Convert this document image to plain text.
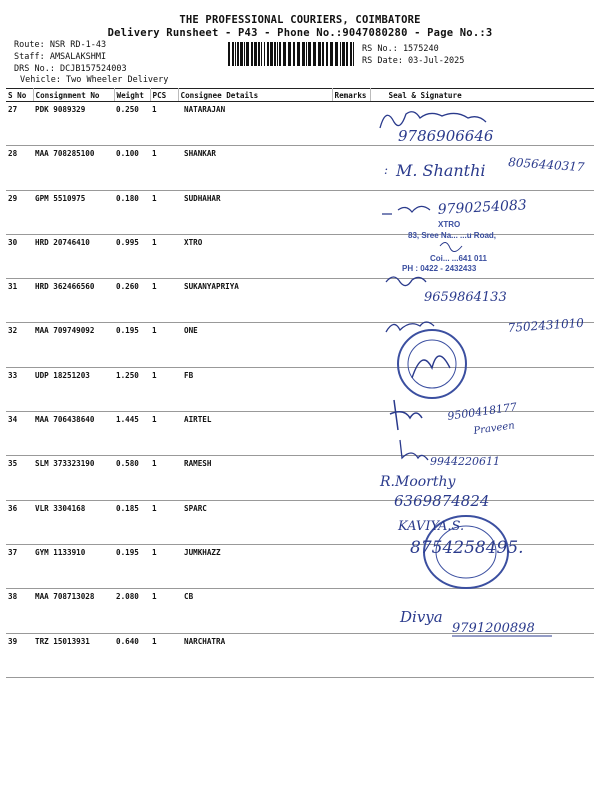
THE PROFESSIONAL COURIERS, COIMBATORE
Delivery Runsheet - P43 - Phone No.:9047080280 - Page No.:3
Route: NSR RD-1-43
Staff: AMSALAKSHMI
DRS No.: DCJB157524003
Vehicle: Two Wheeler Delivery
RS No.: 1575240
RS Date: 03-Jul-2025
S No	Consignment No	Weight	PCS	Consignee Details	Remarks	Seal & Signature
27	PDK 9089329	0.250	1	NATARAJAN		
28	MAA 708285100	0.100	1	SHANKAR		
29	GPM 5510975	0.180	1	SUDHAHAR		
30	HRD 20746410	0.995	1	XTRO		
31	HRD 362466560	0.260	1	SUKANYAPRIYA		
32	MAA 709749092	0.195	1	ONE		
33	UDP 18251203	1.250	1	FB		
34	MAA 706438640	1.445	1	AIRTEL		
35	SLM 373323190	0.580	1	RAMESH		
36	VLR 3304168	0.185	1	SPARC		
37	GYM 1133910	0.195	1	JUMKHAZZ		
38	MAA 708713028	2.080	1	CB		
39	TRZ 15013931	0.640	1	NARCHATRA		
9786906646
: M. Shanthi 8056440317
9790254083
XTRO
83, Sree Na... ...u Road,
Coi... ...641 011
PH : 0422 - 2432433
9659864133
7502431010
9500418177
Praveen
9944220611
R.Moorthy
6369874824
KAVIYA.S.
8754258495.
Divya
9791200898
